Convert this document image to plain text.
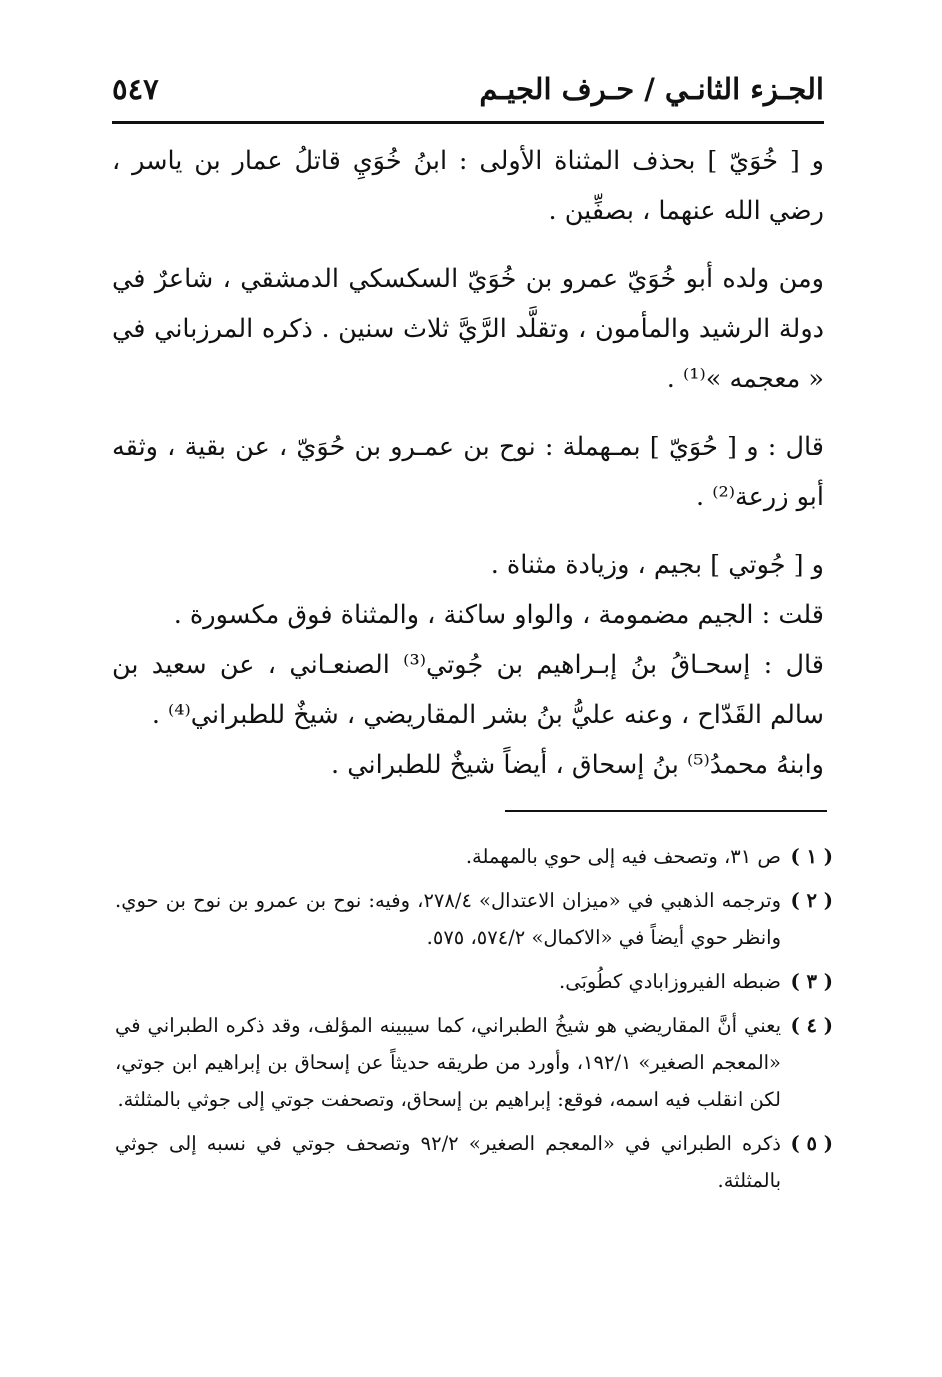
الجـزء الثانـي / حـرف الجيـم
٥٤٧

و [ خُوَيّ ] بحذف المثناة الأولى : ابنُ خُوَيِ قاتلُ عمار بن ياسر ، رضي الله عنهما ، بصفِّين .

ومن ولده أبو خُوَيّ عمرو بن خُوَيّ السكسكي الدمشقي ، شاعرٌ في دولة الرشيد والمأمون ، وتقلَّد الرَّيَّ ثلاث سنين . ذكره المرزباني في « معجمه »⁽¹⁾ .

قال : و [ حُوَيّ ] بمـهملة : نوح بن عمـرو بن حُوَيّ ، عن بقية ، وثقه أبو زرعة⁽²⁾ .

و [ جُوتي ] بجيم ، وزيادة مثناة .

قلت : الجيم مضمومة ، والواو ساكنة ، والمثناة فوق مكسورة .

قال : إسحـاقُ بنُ إبـراهيم بن جُوتي⁽³⁾ الصنعـاني ، عن سعيد بن سالم القَدّاح ، وعنه عليُّ بنُ بشر المقاريضي ، شيخٌ للطبراني⁽⁴⁾ .

وابنهُ محمدُ⁽⁵⁾ بنُ إسحاق ، أيضاً شيخٌ للطبراني .

( ١ )
ص ٣١، وتصحف فيه إلى حوي بالمهملة.

( ٢ )
وترجمه الذهبي في «ميزان الاعتدال» ٢٧٨/٤، وفيه: نوح بن عمرو بن نوح بن حوي. وانظر حوي أيضاً في «الاكمال» ٥٧٤/٢، ٥٧٥.

( ٣ )
ضبطه الفيروزابادي كطُوبَى.

( ٤ )
يعني أنَّ المقاريضي هو شيخُ الطبراني، كما سيبينه المؤلف، وقد ذكره الطبراني في «المعجم الصغير» ١٩٢/١، وأورد من طريقه حديثاً عن إسحاق بن إبراهيم ابن جوتي، لكن انقلب فيه اسمه، فوقع: إبراهيم بن إسحاق، وتصحفت جوتي إلى جوثي بالمثلثة.

( ٥ )
ذكره الطبراني في «المعجم الصغير» ٩٢/٢ وتصحف جوتي في نسبه إلى جوثي بالمثلثة.
